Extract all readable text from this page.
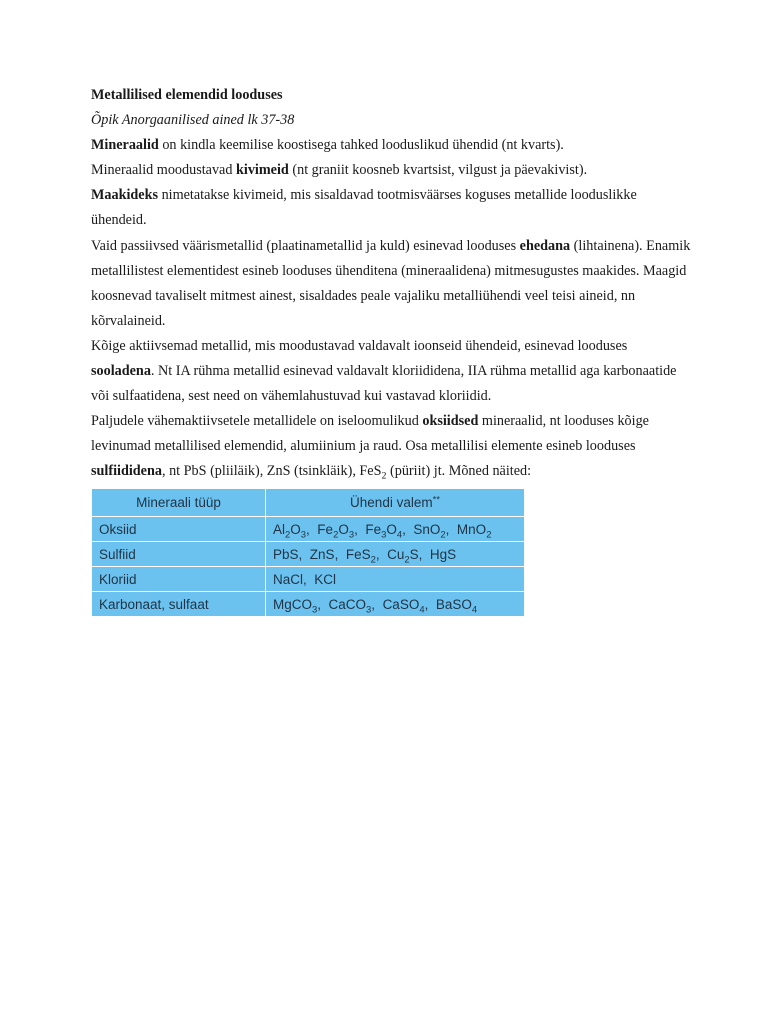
Metallilised elemendid looduses

Õpik Anorgaanilised ained lk 37-38

Mineraalid on kindla keemilise koostisega tahked looduslikud ühendid (nt kvarts).

Mineraalid moodustavad kivimeid (nt graniit koosneb kvartsist, vilgust ja päevakivist).

Maakideks nimetatakse kivimeid, mis sisaldavad tootmisväärses koguses metallide looduslikke ühendeid.

Vaid passiivsed väärismetallid (plaatinametallid ja kuld) esinevad looduses ehedana (lihtainena). Enamik metallilistest elementidest esineb looduses ühenditena (mineraalidena) mitmesugustes maakides. Maagid koosnevad tavaliselt mitmest ainest, sisaldades peale vajaliku metalliühendi veel teisi aineid, nn kõrvalaineid.

Kõige aktiivsemad metallid, mis moodustavad valdavalt ioonseid ühendeid, esinevad looduses sooladena. Nt IA rühma metallid esinevad valdavalt kloriididena, IIA rühma metallid aga karbonaatide või sulfaatidena, sest need on vähemlahustuvad kui vastavad kloriidid.

Paljudele vähemaktiivsetele metallidele on iseloomulikud oksiidsed mineraalid, nt looduses kõige levinumad metallilised elemendid, alumiinium ja raud. Osa metallilisi elemente esineb looduses sulfiididena, nt PbS (pliiläik), ZnS (tsinkläik), FeS$_2$ (püriit) jt. Mõned näited:

Mineraali tüüp	Ühendi valem**
Oksiid	$Al_2O_3$,  $Fe_2O_3$,  $Fe_3O_4$,  SnO$_2$,  MnO$_2$
Sulfiid	PbS,  ZnS,  FeS$_2$,  $Cu_2S$,  HgS
Kloriid	NaCl,  KCl
Karbonaat, sulfaat	MgCO$_3$,  CaCO$_3$,  CaSO$_4$,  BaSO$_4$
